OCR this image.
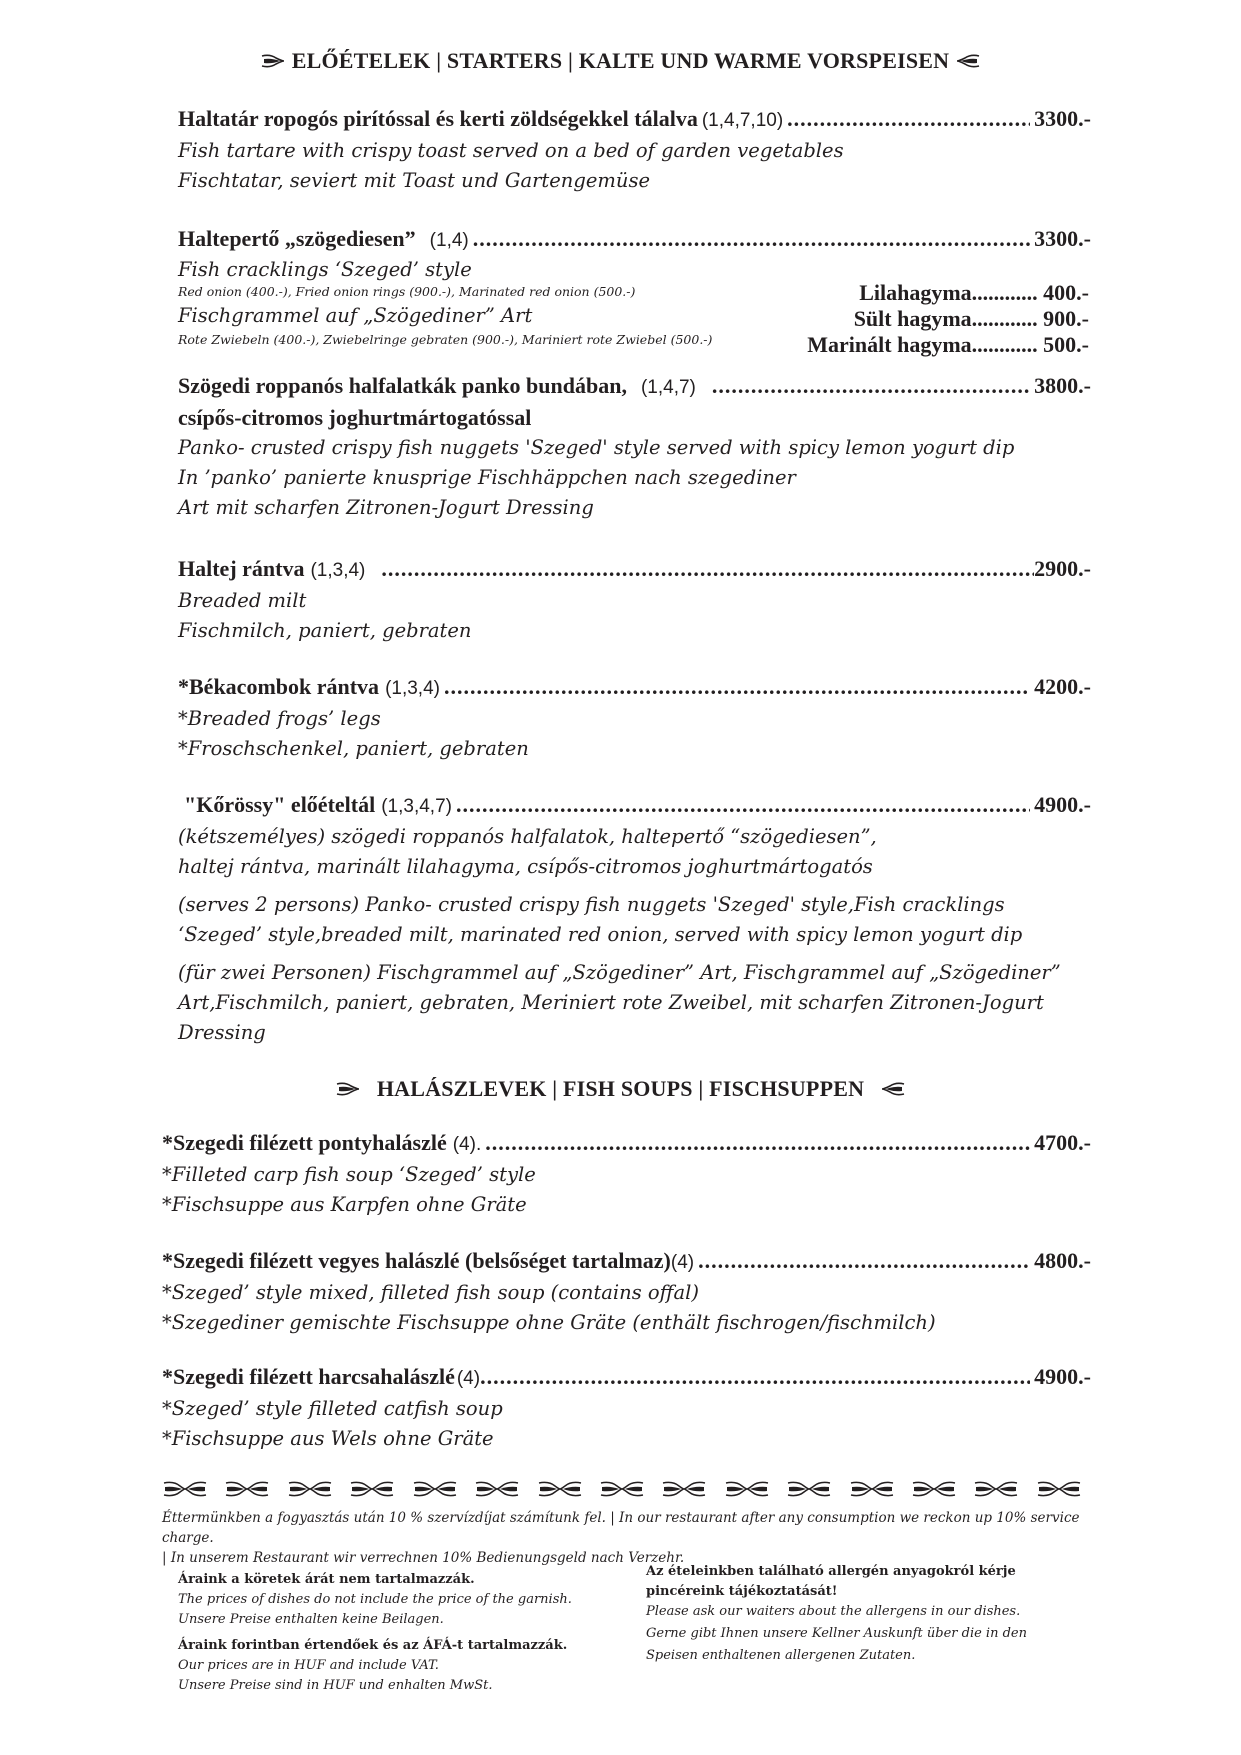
ELŐÉTELEK | STARTERS | KALTE UND WARME VORSPEISEN
Haltatár ropogós pirítóssal és kerti zöldségekkel tálalva (1,4,7,10) .....	3300.-
Fish tartare with crispy toast served on a bed of garden vegetables
Fischtatar, seviert mit Toast und Gartengemüse
Haltepertő „szögediesen” (1,4) .....	3300.-
Fish cracklings ‘Szeged’ style
Red onion (400.-), Fried onion rings (900.-), Marinated red onion (500.-)
Fischgrammel auf „Szögediner” Art
Rote Zwiebeln (400.-), Zwiebelringe gebraten (900.-), Mariniert rote Zwiebel (500.-)
Lilahagyma............ 400.-
Sült hagyma............ 900.-
Marinált hagyma............ 500.-
Szögedi roppanós halfalatkák panko bundában, (1,4,7) .....	3800.-
csípős-citromos joghurtmártogatóssal
Panko- crusted crispy fish nuggets 'Szeged' style served with spicy lemon yogurt dip
In ’panko’ panierte knusprige Fischhäppchen nach szegediner
Art mit scharfen Zitronen-Jogurt Dressing
Haltej rántva (1,3,4) .....	2900.-
Breaded milt
Fischmilch, paniert, gebraten
*Békacombok rántva (1,3,4) .....	4200.-
*Breaded frogs’ legs
*Froschschenkel, paniert, gebraten
"Kőrössy" előételtál (1,3,4,7) .....	4900.-
(kétszemélyes) szögedi roppanós halfalatok, haltepertő “szögediesen”,
haltej rántva, marinált lilahagyma, csípős-citromos joghurtmártogatós
(serves 2 persons) Panko- crusted crispy fish nuggets 'Szeged' style,Fish cracklings
‘Szeged’ style,breaded milt, marinated red onion, served with spicy lemon yogurt dip
(für zwei Personen) Fischgrammel auf „Szögediner” Art, Fischgrammel auf „Szögediner”
Art,Fischmilch, paniert, gebraten, Meriniert rote Zweibel, mit scharfen Zitronen-Jogurt
Dressing
HALÁSZLEVEK | FISH SOUPS | FISCHSUPPEN
*Szegedi filézett pontyhalászlé (4). .....	4700.-
*Filleted carp fish soup ‘Szeged’ style
*Fischsuppe aus Karpfen ohne Gräte
*Szegedi filézett vegyes halászlé (belsőséget tartalmaz) (4) .....	4800.-
*Szeged’ style mixed, filleted fish soup (contains offal)
*Szegediner gemischte Fischsuppe ohne Gräte (enthält fischrogen/fischmilch)
*Szegedi filézett harcsahalászlé (4) .....	4900.-
*Szeged’ style filleted catfish soup
*Fischsuppe aus Wels ohne Gräte
Éttermünkben a fogyasztás után 10 % szervízdíjat számítunk fel. | In our restaurant after any consumption we reckon up 10% service charge.
| In unserem Restaurant wir verrechnen 10% Bedienungsgeld nach Verzehr.
Áraink a köretek árát nem tartalmazzák.
The prices of dishes do not include the price of the garnish.
Unsere Preise enthalten keine Beilagen.
Áraink forintban értendőek és az ÁFÁ-t tartalmazzák.
Our prices are in HUF and include VAT.
Unsere Preise sind in HUF und enhalten MwSt.
Az ételeinkben található allergén anyagokról kérje
pincéreink tájékoztatását!
Please ask our waiters about the allergens in our dishes.
Gerne gibt Ihnen unsere Kellner Auskunft über die in den
Speisen enthaltenen allergenen Zutaten.
